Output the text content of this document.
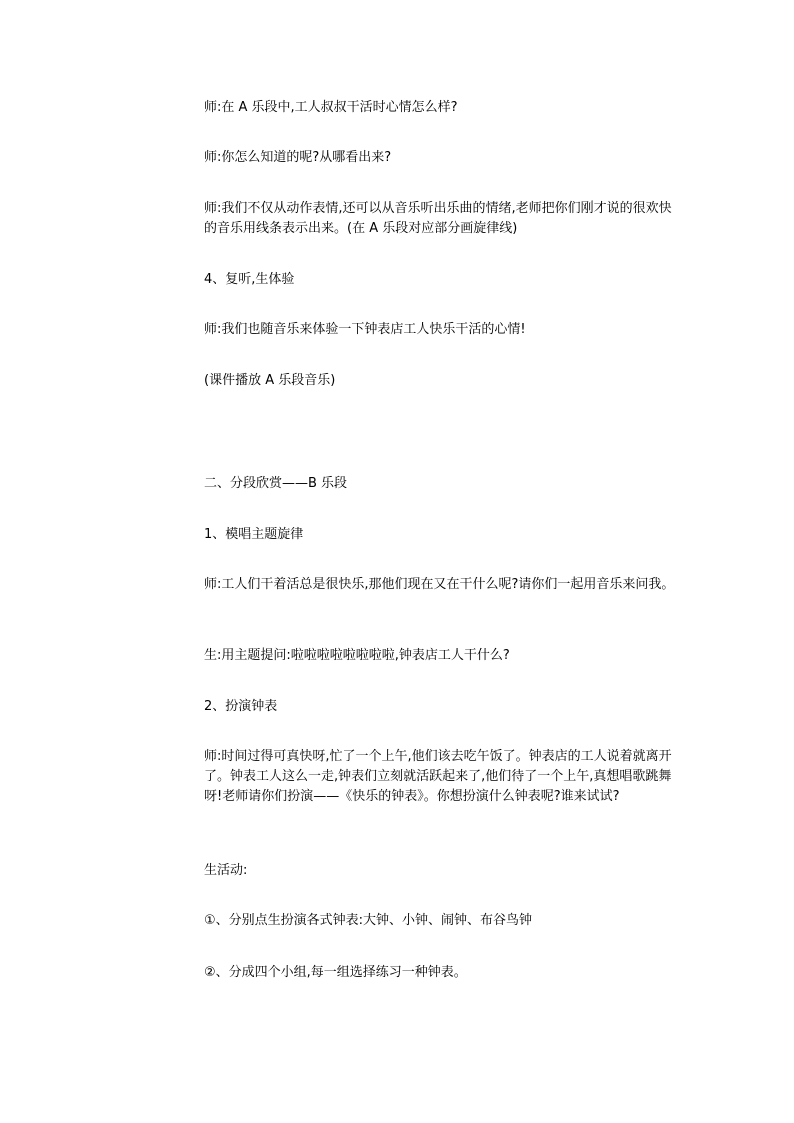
师:在 A 乐段中,工人叔叔干活时心情怎么样?
师:你怎么知道的呢?从哪看出来?
师:我们不仅从动作表情,还可以从音乐听出乐曲的情绪,老师把你们刚才说的很欢快的音乐用线条表示出来。(在 A 乐段对应部分画旋律线)
4、复听,生体验
师:我们也随音乐来体验一下钟表店工人快乐干活的心情!
(课件播放 A 乐段音乐)
二、分段欣赏——B 乐段
1、模唱主题旋律
师:工人们干着活总是很快乐,那他们现在又在干什么呢?请你们一起用音乐来问我。
生:用主题提问:啦啦啦啦啦啦啦啦,钟表店工人干什么?
2、扮演钟表
师:时间过得可真快呀,忙了一个上午,他们该去吃午饭了。钟表店的工人说着就离开了。钟表工人这么一走,钟表们立刻就活跃起来了,他们待了一个上午,真想唱歌跳舞呀!老师请你们扮演——《快乐的钟表》。你想扮演什么钟表呢?谁来试试?
生活动:
①、分别点生扮演各式钟表:大钟、小钟、闹钟、布谷鸟钟
②、分成四个小组,每一组选择练习一种钟表。
